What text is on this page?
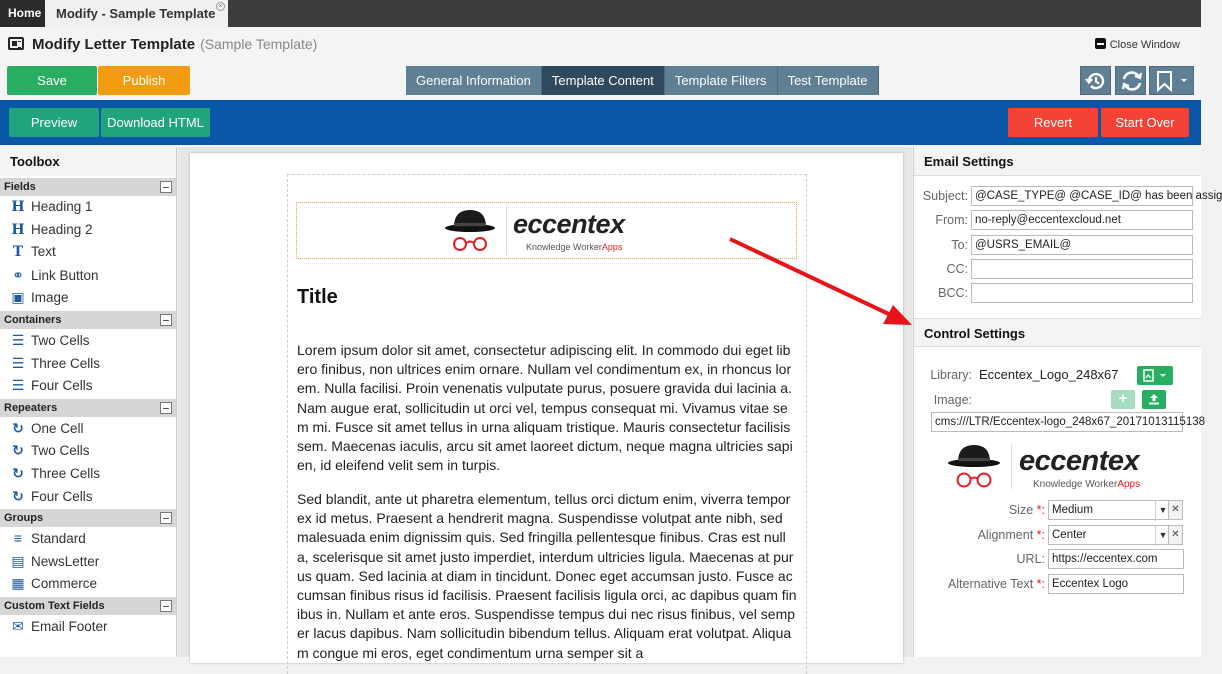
Home	Modify - Sample Template ×
Modify Letter Template (Sample Template)	Close Window
Save	Publish	General Information	Template Content	Template Filters	Test Template
Preview	Download HTML	Revert	Start Over
Toolbox
Fields
H Heading 1
H Heading 2
T Text
⚭ Link Button
▣ Image
Containers
☰ Two Cells
☰ Three Cells
☰ Four Cells
Repeaters
↻ One Cell
↻ Two Cells
↻ Three Cells
↻ Four Cells
Groups
≡ Standard
▤ NewsLetter
▦ Commerce
Custom Text Fields
✉ Email Footer
eccentex
Knowledge WorkerApps
Title
Lorem ipsum dolor sit amet, consectetur adipiscing elit. In commodo dui eget libero finibus, non ultrices enim ornare. Nullam vel condimentum ex, in rhoncus lorem. Nulla facilisi. Proin venenatis vulputate purus, posuere gravida dui lacinia a. Nam augue erat, sollicitudin ut orci vel, tempus consequat mi. Vivamus vitae sem mi. Fusce sit amet tellus in urna aliquam tristique. Mauris consectetur facilisis sem. Maecenas iaculis, arcu sit amet laoreet dictum, neque magna ultricies sapien, id eleifend velit sem in turpis.
Sed blandit, ante ut pharetra elementum, tellus orci dictum enim, viverra tempor ex id metus. Praesent a hendrerit magna. Suspendisse volutpat ante nibh, sed malesuada enim dignissim quis. Sed fringilla pellentesque finibus. Cras est nulla, scelerisque sit amet justo imperdiet, interdum ultricies ligula. Maecenas at purus quam. Sed lacinia at diam in tincidunt. Donec eget accumsan justo. Fusce accumsan finibus risus id facilisis. Praesent facilisis ligula orci, ac dapibus quam finibus in. Nullam et ante eros. Suspendisse tempus dui nec risus finibus, vel semper lacus dapibus. Nam sollicitudin bibendum tellus. Aliquam erat volutpat. Aliquam congue mi eros, eget condimentum urna semper sit a
Email Settings
Subject: @CASE_TYPE@ @CASE_ID@ has been assig
From: no-reply@eccentexcloud.net
To: @USRS_EMAIL@
CC:
BCC:
Control Settings
Library: Eccentex_Logo_248x67
Image:	+
cms:///LTR/Eccentex-logo_248x67_20171013115138
eccentex
Knowledge WorkerApps
Size *: Medium	▼ ✕
Alignment *: Center	▼ ✕
URL: https://eccentex.com
Alternative Text *: Eccentex Logo
